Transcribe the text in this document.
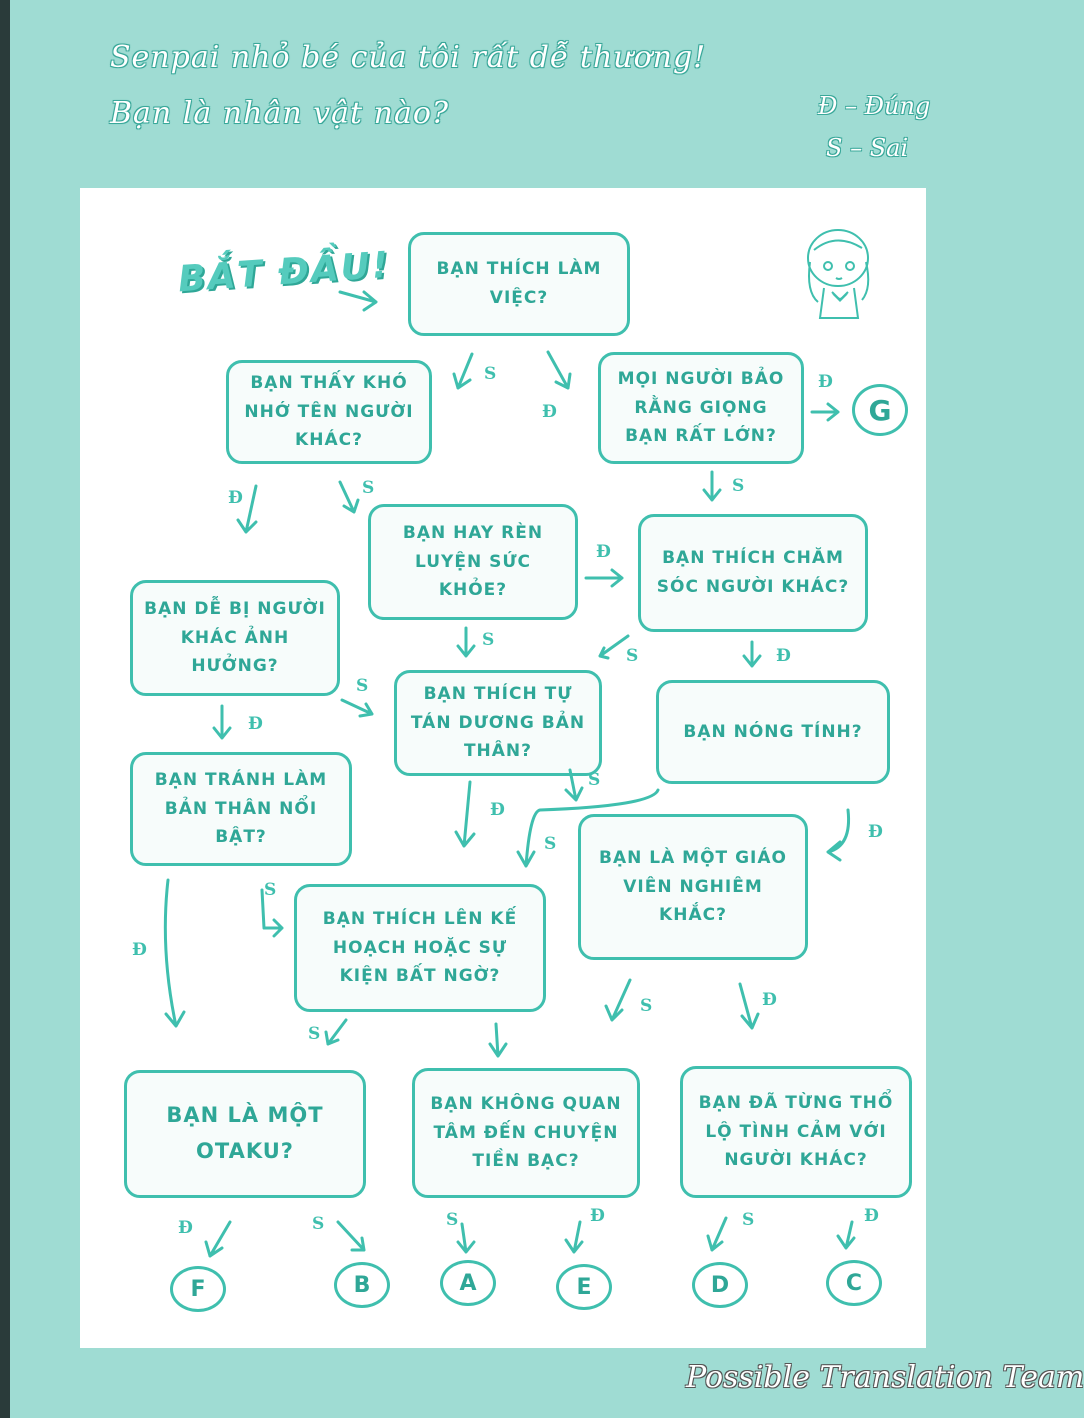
Senpai nhỏ bé của tôi rất dễ thương!
Bạn là nhân vật nào?	Đ – Đúng
S – Sai
BẮT ĐẦU!	BẠN THÍCH LÀM VIỆC?
BẠN THẤY KHÓ NHỚ TÊN NGƯỜI KHÁC?
MỌI NGƯỜI BẢO RẰNG GIỌNG BẠN RẤT LỚN?
BẠN HAY RÈN LUYỆN SỨC KHỎE?
BẠN THÍCH CHĂM SÓC NGƯỜI KHÁC?
BẠN DỄ BỊ NGƯỜI KHÁC ẢNH HƯỞNG?
BẠN THÍCH TỰ TÁN DƯƠNG BẢN THÂN?
BẠN NÓNG TÍNH?
BẠN TRÁNH LÀM BẢN THÂN NỔI BẬT?
BẠN LÀ MỘT GIÁO VIÊN NGHIÊM KHẮC?
BẠN THÍCH LÊN KẾ HOẠCH HOẶC SỰ KIỆN BẤT NGỜ?
BẠN LÀ MỘT OTAKU?
BẠN KHÔNG QUAN TÂM ĐẾN CHUYỆN TIỀN BẠC?
BẠN ĐÃ TỪNG THỔ LỘ TÌNH CẢM VỚI NGƯỜI KHÁC?
G
F	B	A	E	D	C
S
Đ
Đ
Đ	S	S
Đ
S
S	Đ
S
Đ
S
Đ
S
Đ
S
Đ
S	Đ
S
Đ	S	S	Đ	S	Đ
Possible Translation Team
